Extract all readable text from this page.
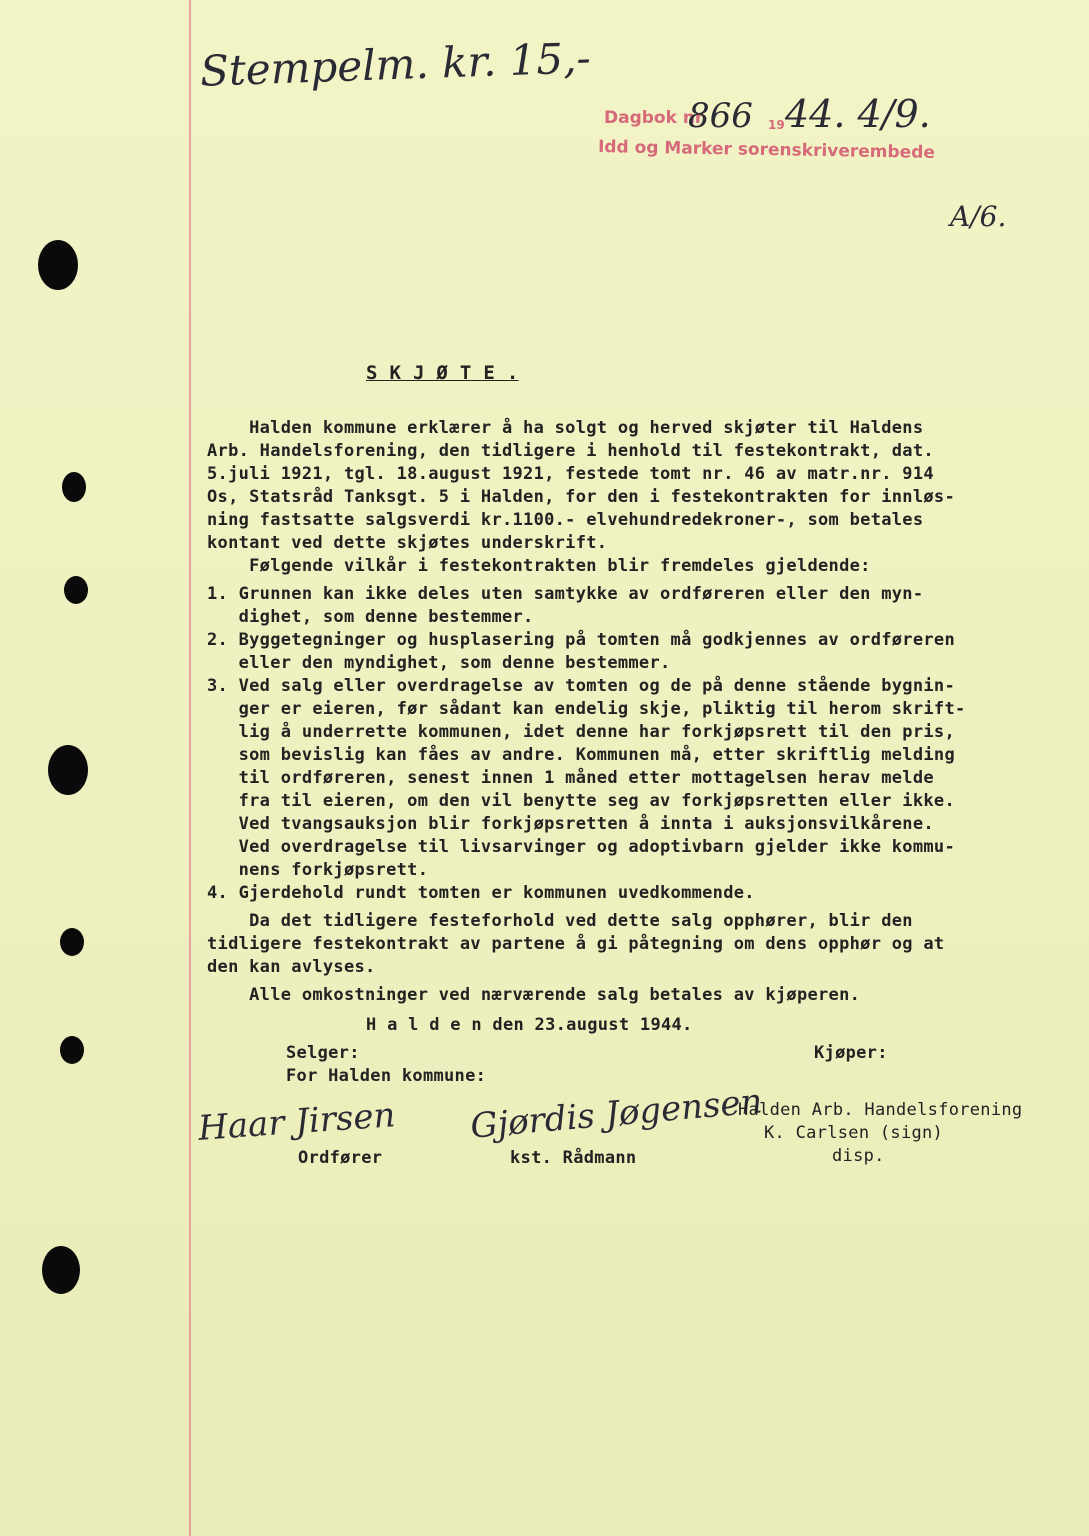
Stempelm. kr. 15,-
Dagbok nr.
866 19 44. 4/9.
Idd og Marker sorenskriverembede
A/6.
S K J Ø T E .
Halden kommune erklærer å ha solgt og herved skjøter til Haldens
Arb. Handelsforening, den tidligere i henhold til festekontrakt, dat.
5.juli 1921, tgl. 18.august 1921, festede tomt nr. 46 av matr.nr. 914
Os, Statsråd Tanksgt. 5 i Halden, for den i festekontrakten for innløs-
ning fastsatte salgsverdi kr.1100.- elvehundredekroner-, som betales
kontant ved dette skjøtes underskrift.
Følgende vilkår i festekontrakten blir fremdeles gjeldende:
1. Grunnen kan ikke deles uten samtykke av ordføreren eller den myn-
dighet, som denne bestemmer.
2. Byggetegninger og husplasering på tomten må godkjennes av ordføreren
eller den myndighet, som denne bestemmer.
3. Ved salg eller overdragelse av tomten og de på denne stående bygnin-
ger er eieren, før sådant kan endelig skje, pliktig til herom skrift-
lig å underrette kommunen, idet denne har forkjøpsrett til den pris,
som bevislig kan fåes av andre. Kommunen må, etter skriftlig melding
til ordføreren, senest innen 1 måned etter mottagelsen herav melde
fra til eieren, om den vil benytte seg av forkjøpsretten eller ikke.
Ved tvangsauksjon blir forkjøpsretten å innta i auksjonsvilkårene.
Ved overdragelse til livsarvinger og adoptivbarn gjelder ikke kommu-
nens forkjøpsrett.
4. Gjerdehold rundt tomten er kommunen uvedkommende.
Da det tidligere festeforhold ved dette salg opphører, blir den
tidligere festekontrakt av partene å gi påtegning om dens opphør og at
den kan avlyses.
Alle omkostninger ved nærværende salg betales av kjøperen.
H a l d e n den 23.august 1944.
Selger:
For Halden kommune:
Kjøper:
Haar Jirsen
Ordfører
Gjørdis Jøgensen
kst. Rådmann
Halden Arb. Handelsforening
K. Carlsen (sign)
disp.
